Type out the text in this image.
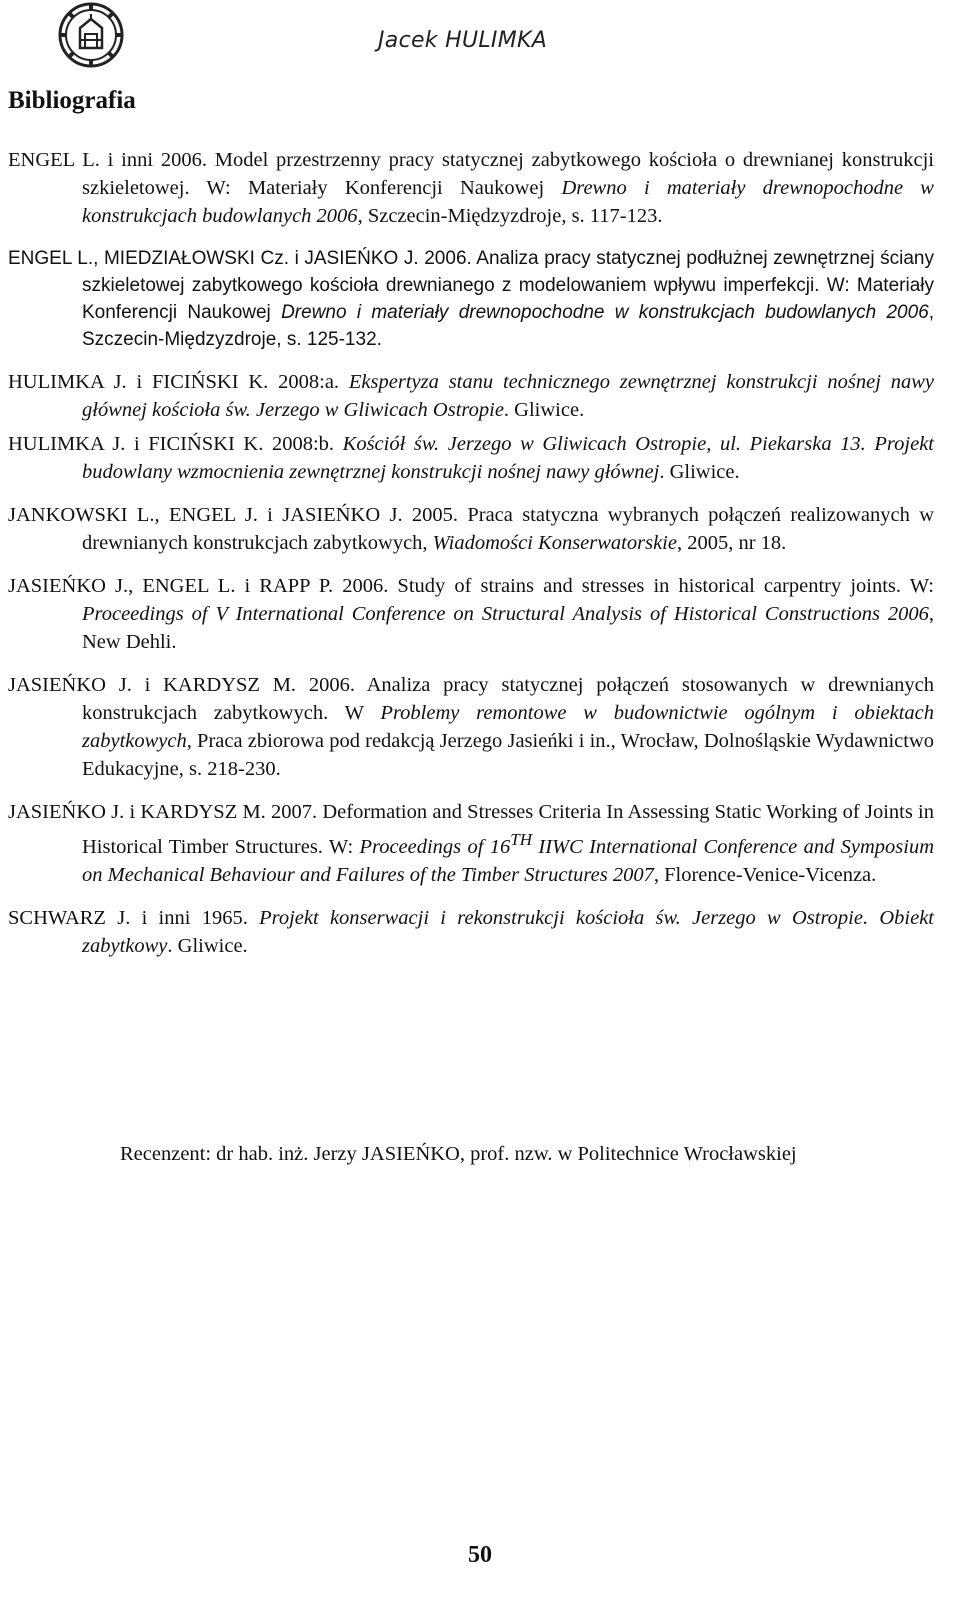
Jacek HULIMKA
Bibliografia

ENGEL L. i inni 2006. Model przestrzenny pracy statycznej zabytkowego kościoła o drewnianej konstrukcji szkieletowej. W: Materiały Konferencji Naukowej Drewno i materiały drewnopochodne w konstrukcjach budowlanych 2006, Szczecin-Międzyzdroje, s. 117-123.

ENGEL L., MIEDZIAŁOWSKI Cz. i JASIEŃKO J. 2006. Analiza pracy statycznej podłużnej zewnętrznej ściany szkieletowej zabytkowego kościoła drewnianego z modelowaniem wpływu imperfekcji. W: Materiały Konferencji Naukowej Drewno i materiały drewnopochodne w konstrukcjach budowlanych 2006, Szczecin-Międzyzdroje, s. 125-132.

HULIMKA J. i FICIŃSKI K. 2008:a. Ekspertyza stanu technicznego zewnętrznej konstrukcji nośnej nawy głównej kościoła św. Jerzego w Gliwicach Ostropie. Gliwice.

HULIMKA J. i FICIŃSKI K. 2008:b. Kościół św. Jerzego w Gliwicach Ostropie, ul. Piekarska 13. Projekt budowlany wzmocnienia zewnętrznej konstrukcji nośnej nawy głównej. Gliwice.

JANKOWSKI L., ENGEL J. i JASIEŃKO J. 2005. Praca statyczna wybranych połączeń realizowanych w drewnianych konstrukcjach zabytkowych, Wiadomości Konserwatorskie, 2005, nr 18.

JASIEŃKO J., ENGEL L. i RAPP P. 2006. Study of strains and stresses in historical carpentry joints. W: Proceedings of V International Conference on Structural Analysis of Historical Constructions 2006, New Dehli.

JASIEŃKO J. i KARDYSZ M. 2006. Analiza pracy statycznej połączeń stosowanych w drewnianych konstrukcjach zabytkowych. W Problemy remontowe w budownictwie ogólnym i obiektach zabytkowych, Praca zbiorowa pod redakcją Jerzego Jasieńki i in., Wrocław, Dolnośląskie Wydawnictwo Edukacyjne, s. 218-230.

JASIEŃKO J. i KARDYSZ M. 2007. Deformation and Stresses Criteria In Assessing Static Working of Joints in Historical Timber Structures. W: Proceedings of 16TH IIWC International Conference and Symposium on Mechanical Behaviour and Failures of the Timber Structures 2007, Florence-Venice-Vicenza.

SCHWARZ J. i inni 1965. Projekt konserwacji i rekonstrukcji kościoła św. Jerzego w Ostropie. Obiekt zabytkowy. Gliwice.

Recenzent: dr hab. inż. Jerzy JASIEŃKO, prof. nzw. w Politechnice Wrocławskiej
50
